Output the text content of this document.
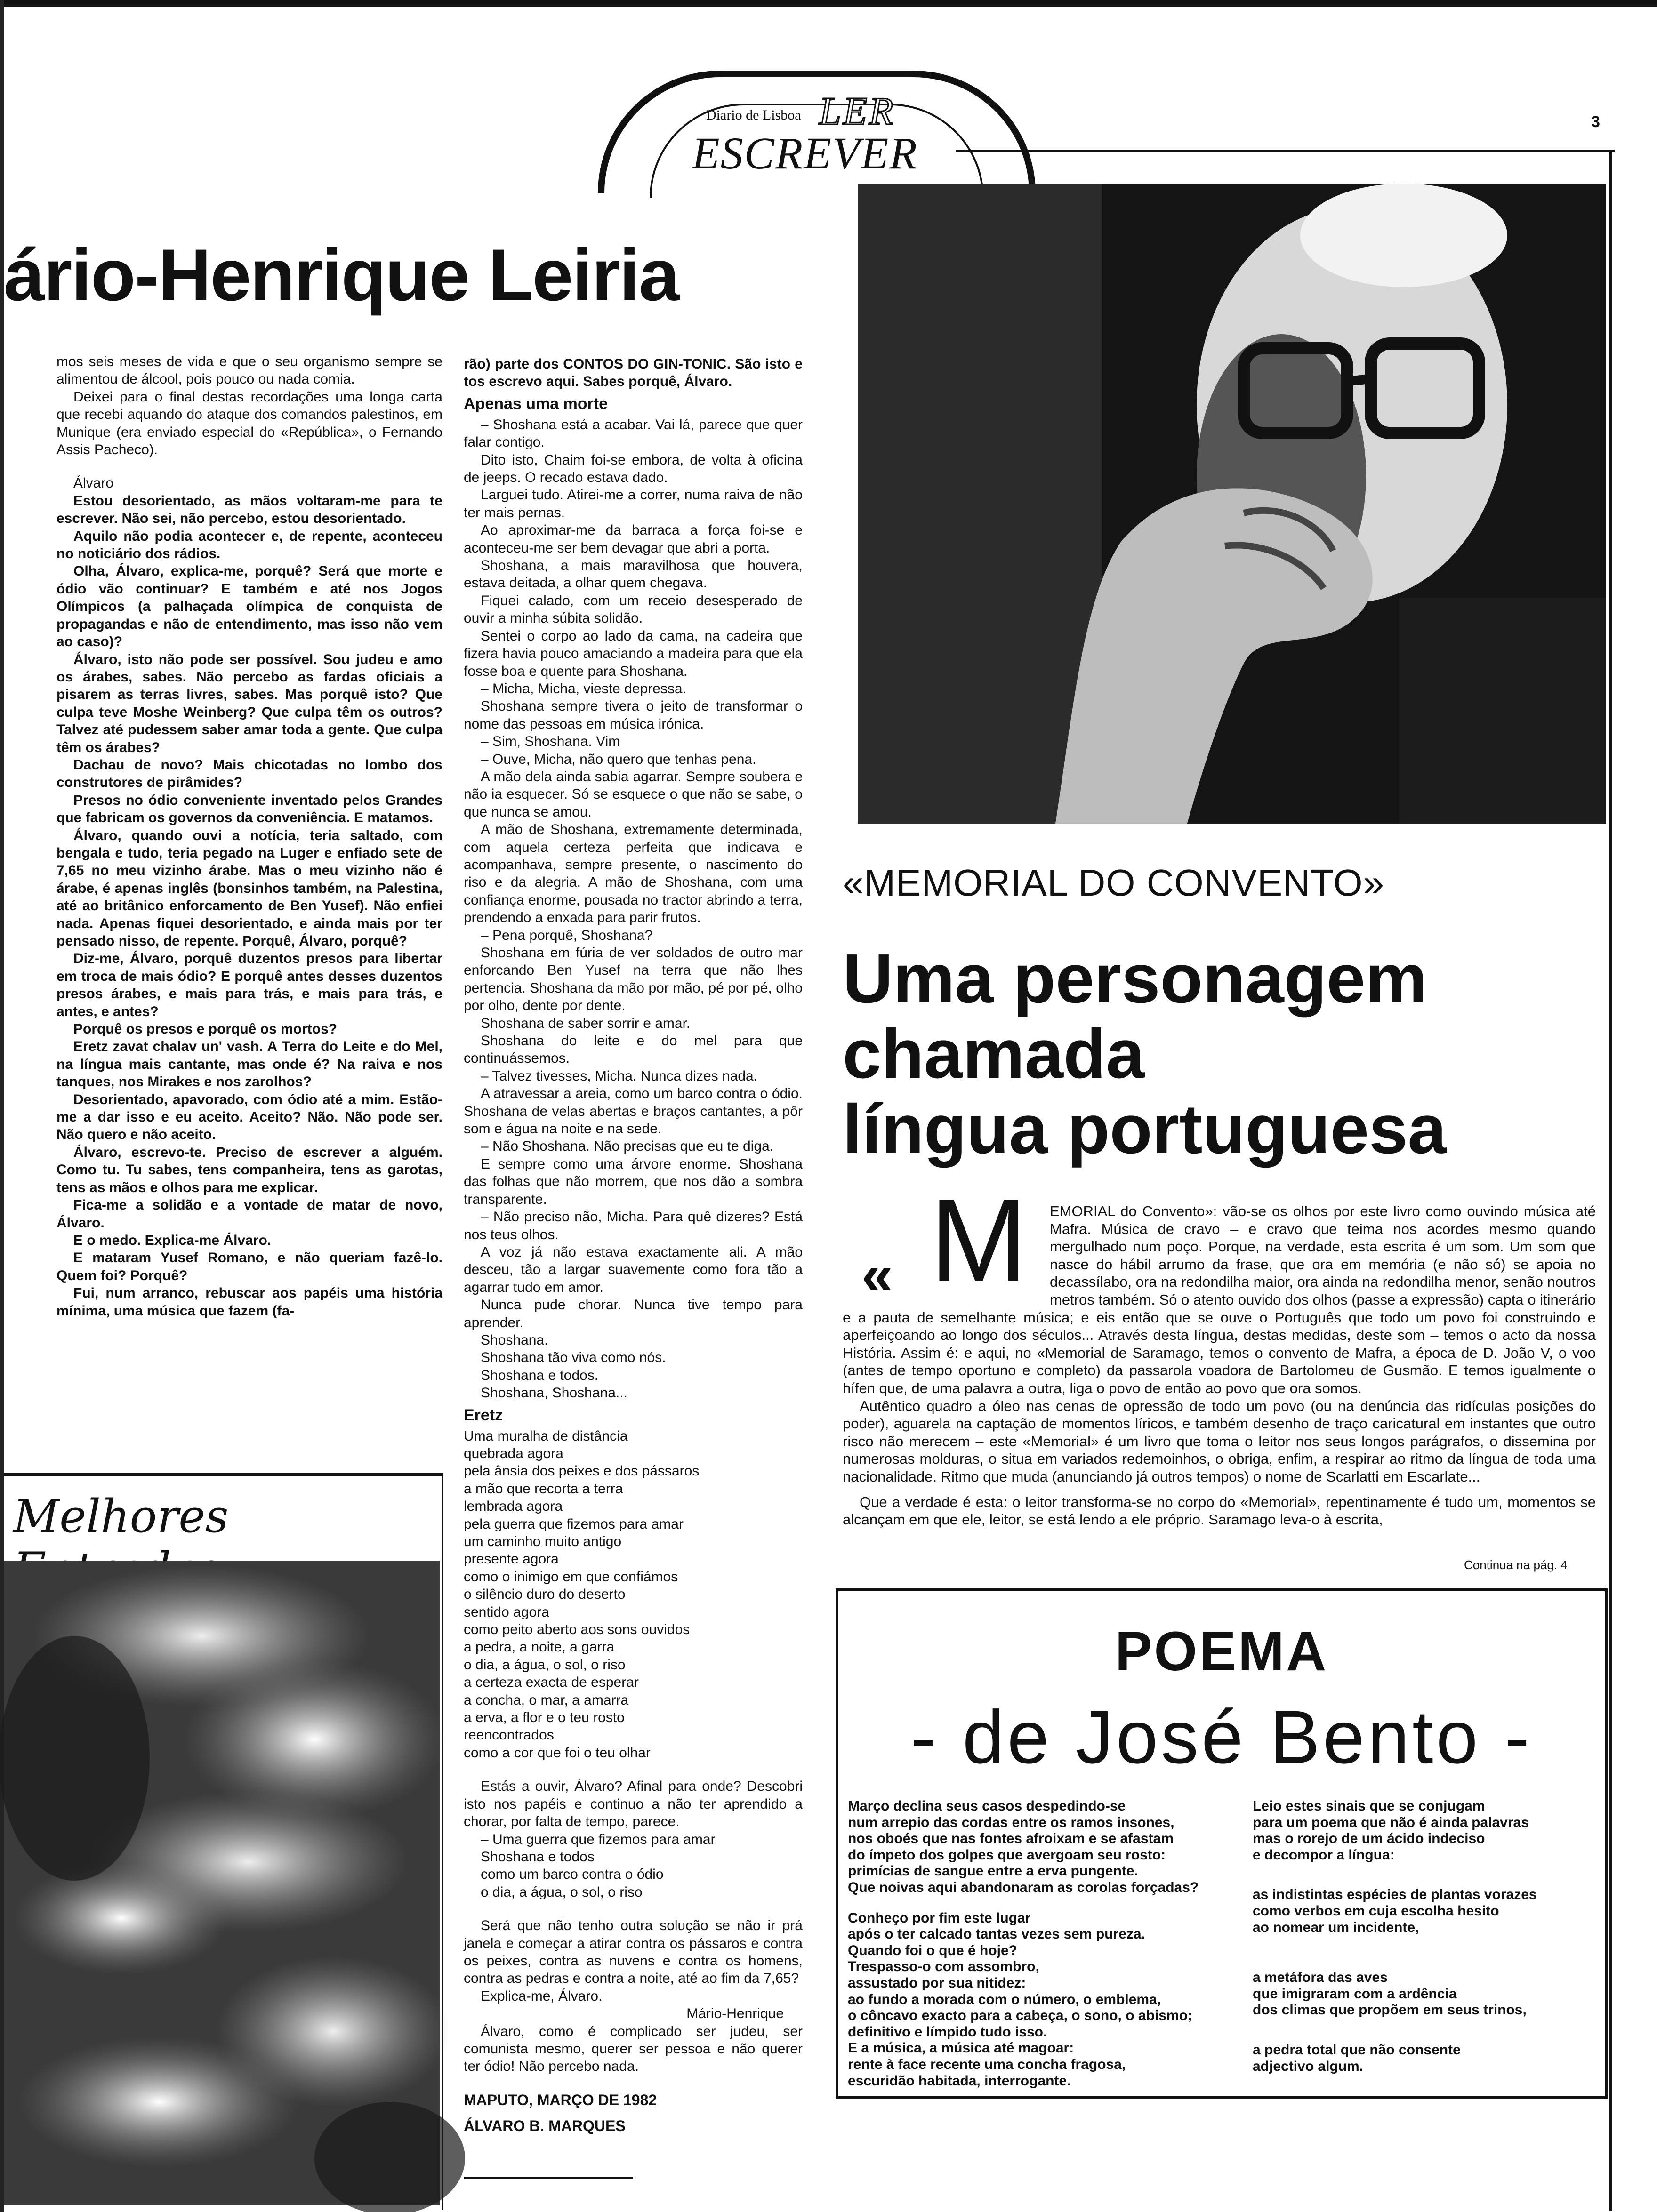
Diario de Lisboa LER
ESCREVER
3
ário-Henrique Leiria

mos seis meses de vida e que o seu organismo sempre se alimentou de álcool, pois pouco ou nada comia.

Deixei para o final destas recordações uma longa carta que recebi aquando do ataque dos comandos palestinos, em Munique (era enviado especial do «República», o Fernando Assis Pacheco).

Álvaro

Estou desorientado, as mãos voltaram-me para te escrever. Não sei, não percebo, estou desorientado.

Aquilo não podia acontecer e, de repente, aconteceu no noticiário dos rádios.

Olha, Álvaro, explica-me, porquê? Será que morte e ódio vão continuar? E também e até nos Jogos Olímpicos (a palhaçada olímpica de conquista de propagandas e não de entendimento, mas isso não vem ao caso)?

Álvaro, isto não pode ser possível. Sou judeu e amo os árabes, sabes. Não percebo as fardas oficiais a pisarem as terras livres, sabes. Mas porquê isto? Que culpa teve Moshe Weinberg? Que culpa têm os outros? Talvez até pudessem saber amar toda a gente. Que culpa têm os árabes?

Dachau de novo? Mais chicotadas no lombo dos construtores de pirâmides?

Presos no ódio conveniente inventado pelos Grandes que fabricam os governos da conveniência. E matamos.

Álvaro, quando ouvi a notícia, teria saltado, com bengala e tudo, teria pegado na Luger e enfiado sete de 7,65 no meu vizinho árabe. Mas o meu vizinho não é árabe, é apenas inglês (bonsinhos também, na Palestina, até ao britânico enforcamento de Ben Yusef). Não enfiei nada. Apenas fiquei desorientado, e ainda mais por ter pensado nisso, de repente. Porquê, Álvaro, porquê?

Diz-me, Álvaro, porquê duzentos presos para libertar em troca de mais ódio? E porquê antes desses duzentos presos árabes, e mais para trás, e mais para trás, e antes, e antes?

Porquê os presos e porquê os mortos?

Eretz zavat chalav un' vash. A Terra do Leite e do Mel, na língua mais cantante, mas onde é? Na raiva e nos tanques, nos Mirakes e nos zarolhos?

Desorientado, apavorado, com ódio até a mim. Estão-me a dar isso e eu aceito. Aceito? Não. Não pode ser. Não quero e não aceito.

Álvaro, escrevo-te. Preciso de escrever a alguém. Como tu. Tu sabes, tens companheira, tens as garotas, tens as mãos e olhos para me explicar.

Fica-me a solidão e a vontade de matar de novo, Álvaro.

E o medo. Explica-me Álvaro.

E mataram Yusef Romano, e não queriam fazê-lo. Quem foi? Porquê?

Fui, num arranco, rebuscar aos papéis uma história mínima, uma música que fazem (fa-

Melhores

rão) parte dos CONTOS DO GIN-TONIC. São isto e tos escrevo aqui. Sabes porquê, Álvaro.

Apenas uma morte

– Shoshana está a acabar. Vai lá, parece que quer falar contigo.

Dito isto, Chaim foi-se embora, de volta à oficina de jeeps. O recado estava dado.

Larguei tudo. Atirei-me a correr, numa raiva de não ter mais pernas.

Ao aproximar-me da barraca a força foi-se e aconteceu-me ser bem devagar que abri a porta.

Shoshana, a mais maravilhosa que houvera, estava deitada, a olhar quem chegava.

Fiquei calado, com um receio desesperado de ouvir a minha súbita solidão.

Sentei o corpo ao lado da cama, na cadeira que fizera havia pouco amaciando a madeira para que ela fosse boa e quente para Shoshana.

– Micha, Micha, vieste depressa.

Shoshana sempre tivera o jeito de transformar o nome das pessoas em música irónica.

– Sim, Shoshana. Vim

– Ouve, Micha, não quero que tenhas pena.

A mão dela ainda sabia agarrar. Sempre soubera e não ia esquecer. Só se esquece o que não se sabe, o que nunca se amou.

A mão de Shoshana, extremamente determinada, com aquela certeza perfeita que indicava e acompanhava, sempre presente, o nascimento do riso e da alegria. A mão de Shoshana, com uma confiança enorme, pousada no tractor abrindo a terra, prendendo a enxada para parir frutos.

– Pena porquê, Shoshana?

Shoshana em fúria de ver soldados de outro mar enforcando Ben Yusef na terra que não lhes pertencia. Shoshana da mão por mão, pé por pé, olho por olho, dente por dente.

Shoshana de saber sorrir e amar.

Shoshana do leite e do mel para que continuássemos.

– Talvez tivesses, Micha. Nunca dizes nada.

A atravessar a areia, como um barco contra o ódio. Shoshana de velas abertas e braços cantantes, a pôr som e água na noite e na sede.

– Não Shoshana. Não precisas que eu te diga.

E sempre como uma árvore enorme. Shoshana das folhas que não morrem, que nos dão a sombra transparente.

– Não preciso não, Micha. Para quê dizeres? Está nos teus olhos.

A voz já não estava exactamente ali. A mão desceu, tão a largar suavemente como fora tão a agarrar tudo em amor.

Nunca pude chorar. Nunca tive tempo para aprender.

Shoshana.

Shoshana tão viva como nós.

Shoshana e todos.

Shoshana, Shoshana...

Eretz
Uma muralha de distância
quebrada agora
pela ânsia dos peixes e dos pássaros
a mão que recorta a terra
lembrada agora
pela guerra que fizemos para amar
um caminho muito antigo
presente agora
como o inimigo em que confiámos
o silêncio duro do deserto
sentido agora
como peito aberto aos sons ouvidos
a pedra, a noite, a garra
o dia, a água, o sol, o riso
a certeza exacta de esperar
a concha, o mar, a amarra
a erva, a flor e o teu rosto
reencontrados
como a cor que foi o teu olhar

Estás a ouvir, Álvaro? Afinal para onde? Descobri isto nos papéis e continuo a não ter aprendido a chorar, por falta de tempo, parece.

– Uma guerra que fizemos para amar
Shoshana e todos
como um barco contra o ódio
o dia, a água, o sol, o riso

Será que não tenho outra solução se não ir prá janela e começar a atirar contra os pássaros e contra os peixes, contra as nuvens e contra os homens, contra as pedras e contra a noite, até ao fim da 7,65?

Explica-me, Álvaro.

Mário-Henrique

Álvaro, como é complicado ser judeu, ser comunista mesmo, querer ser pessoa e não querer ter ódio! Não percebo nada.

MAPUTO, MARÇO DE 1982

ÁLVARO B. MARQUES

«MEMORIAL DO CONVENTO»
Uma personagem
chamada
língua portuguesa
« M	EMORIAL do Convento»: vão-se os olhos por este livro como ouvindo música até Mafra. Música de cravo – e cravo que teima nos acordes mesmo quando mergulhado num poço. Porque, na verdade, esta escrita é um som. Um som que nasce do hábil arrumo da frase, que ora em memória (e não só) se apoia no decassílabo, ora na redondilha maior, ora ainda na redondilha menor, senão noutros metros também. Só o atento ouvido dos olhos (passe a expressão) capta o itinerário e a pauta de semelhante música; e eis então que se ouve o Português que todo um povo foi construindo e aperfeiçoando ao longo dos séculos... Através desta língua, destas medidas, deste som – temos o acto da nossa História. Assim é: e aqui, no «Memorial de Saramago, temos o convento de Mafra, a época de D. João V, o voo (antes de tempo oportuno e completo) da passarola voadora de Bartolomeu de Gusmão. E temos igualmente o hífen que, de uma palavra a outra, liga o povo de então ao povo que ora somos.

Autêntico quadro a óleo nas cenas de opressão de todo um povo (ou na denúncia das ridículas posições do poder), aguarela na captação de momentos líricos, e também desenho de traço caricatural em instantes que outro risco não merecem – este «Memorial» é um livro que toma o leitor nos seus longos parágrafos, o dissemina por numerosas molduras, o situa em variados redemoinhos, o obriga, enfim, a respirar ao ritmo da língua de toda uma nacionalidade. Ritmo que muda (anunciando já outros tempos) o nome de Scarlatti em Escarlate...

Que a verdade é esta: o leitor transforma-se no corpo do «Memorial», repentinamente é tudo um, momentos se alcançam em que ele, leitor, se está lendo a ele próprio. Saramago leva-o à escrita,

Continua na pág. 4
POEMA
- de José Bento -
Março declina seus casos despedindo-se
num arrepio das cordas entre os ramos insones,
nos oboés que nas fontes afroixam e se afastam
do ímpeto dos golpes que avergoam seu rosto:
primícias de sangue entre a erva pungente.
Que noivas aqui abandonaram as corolas forçadas?
Conheço por fim este lugar
após o ter calcado tantas vezes sem pureza.
Quando foi o que é hoje?
Trespasso-o com assombro,
assustado por sua nitidez:
ao fundo a morada com o número, o emblema,
o côncavo exacto para a cabeça, o sono, o abismo;
definitivo e límpido tudo isso.
E a música, a música até magoar:
rente à face recente uma concha fragosa,
escuridão habitada, interrogante.
Leio estes sinais que se conjugam
para um poema que não é ainda palavras
mas o rorejo de um ácido indeciso
e decompor a língua:
as indistintas espécies de plantas vorazes
como verbos em cuja escolha hesito
ao nomear um incidente,
a metáfora das aves
que imigraram com a ardência
dos climas que propõem em seus trinos,
a pedra total que não consente
adjectivo algum.
